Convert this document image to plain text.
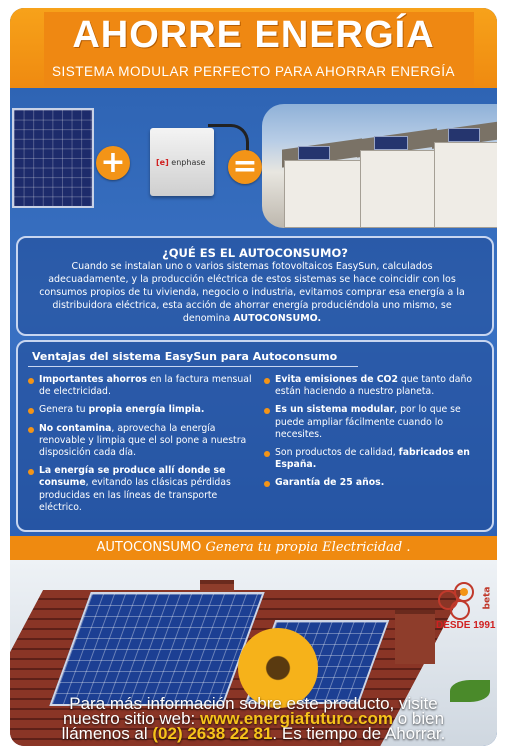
AHORRE ENERGÍA
SISTEMA MODULAR PERFECTO PARA AHORRAR ENERGÍA
+	[e] enphase =
¿QUÉ ES EL AUTOCONSUMO?
Cuando se instalan uno o varios sistemas fotovoltaicos EasySun, calculados adecuadamente, y la producción eléctrica de estos sistemas se hace coincidir con los consumos propios de tu vivienda, negocio o industria, evitamos comprar esa energía a la distribuidora eléctrica, esta acción de ahorrar energía produciéndola uno mismo, se denomina AUTOCONSUMO.
Ventajas del sistema EasySun para Autoconsumo
Importantes ahorros en la factura mensual de electricidad.
Genera tu propia energía limpia.
No contamina, aprovecha la energía renovable y limpia que el sol pone a nuestra disposición cada día.
La energía se produce allí donde se consume, evitando las clásicas pérdidas producidas en las líneas de transporte eléctrico.
Evita emisiones de CO2 que tanto daño están haciendo a nuestro planeta.
Es un sistema modular, por lo que se puede ampliar fácilmente cuando lo necesites.
Son productos de calidad, fabricados en España.
Garantía de 25 años.
AUTOCONSUMO Genera tu propia Electricidad .
beta
DESDE 1991
Para más información sobre este producto, visite
nuestro sitio web: www.energiafuturo.com o bien
llámenos al (02) 2638 22 81. Es tiempo de Ahorrar.
